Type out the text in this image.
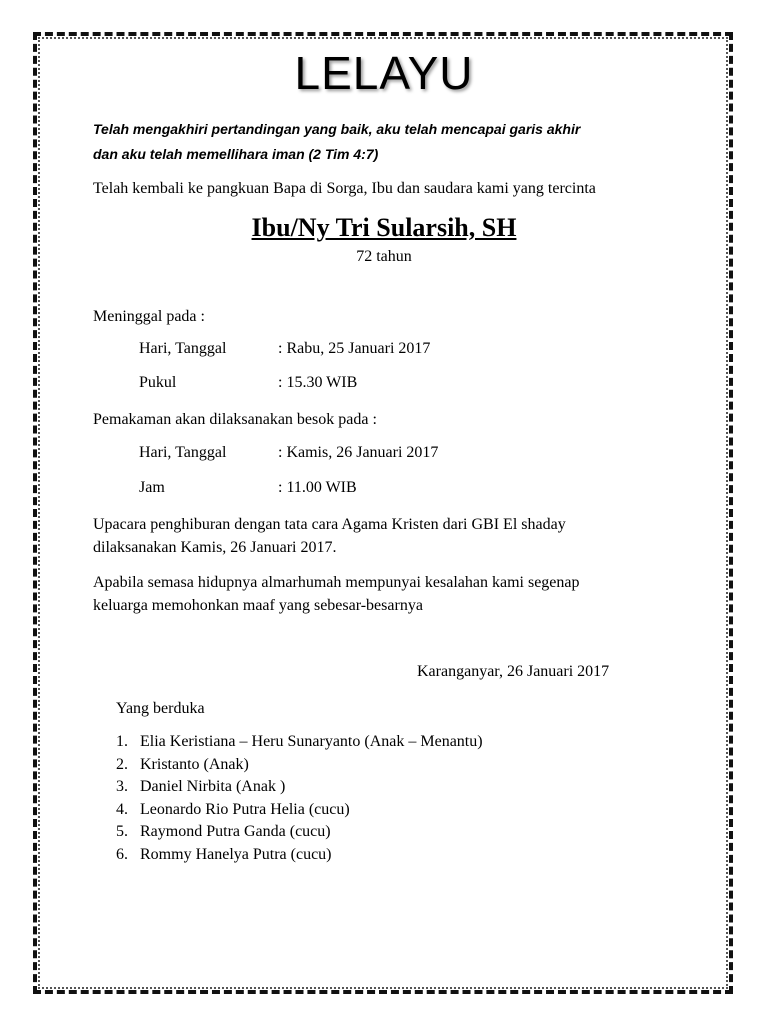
LELAYU
Telah mengakhiri pertandingan yang baik, aku telah mencapai garis akhir
dan aku telah memellihara iman (2 Tim 4:7)
Telah kembali ke pangkuan Bapa di Sorga, Ibu dan saudara kami yang tercinta
Ibu/Ny Tri Sularsih, SH
72 tahun
Meninggal pada :
Hari, Tanggal	: Rabu, 25 Januari 2017
Pukul	: 15.30 WIB
Pemakaman akan dilaksanakan besok pada :
Hari, Tanggal	: Kamis, 26 Januari 2017
Jam	: 11.00 WIB
Upacara penghiburan dengan tata cara Agama Kristen dari GBI El shaday
dilaksanakan Kamis, 26 Januari 2017.
Apabila semasa hidupnya almarhumah mempunyai kesalahan kami segenap
keluarga memohonkan maaf yang sebesar-besarnya
Karanganyar, 26 Januari 2017
Yang berduka
1. Elia Keristiana – Heru Sunaryanto (Anak – Menantu)
2. Kristanto (Anak)
3. Daniel Nirbita (Anak )
4. Leonardo Rio Putra Helia (cucu)
5. Raymond Putra Ganda (cucu)
6. Rommy Hanelya Putra (cucu)
